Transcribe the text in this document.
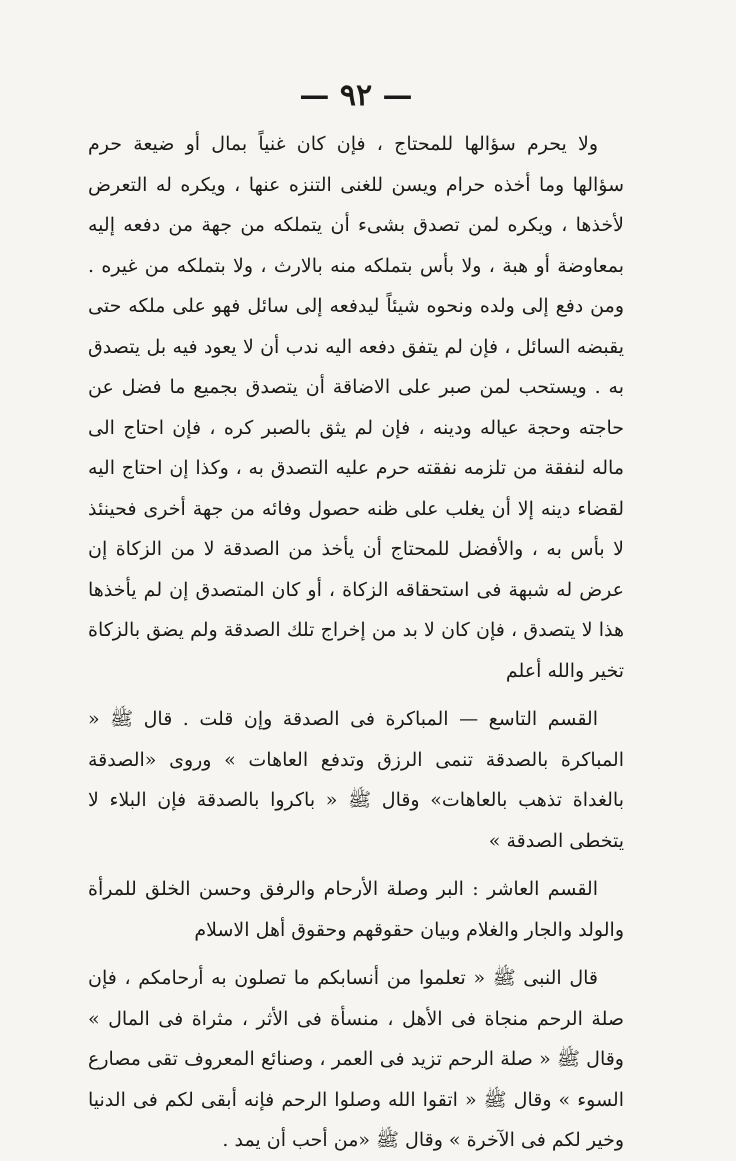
— ٩٢ —

ولا يحرم سؤالها للمحتاج ، فإن كان غنياً بمال أو ضيعة حرم سؤالها وما أخذه حرام ويسن للغنى التنزه عنها ، ويكره له التعرض لأخذها ، ويكره لمن تصدق بشىء أن يتملكه من جهة من دفعه إليه بمعاوضة أو هبة ، ولا بأس بتملكه منه بالارث ، ولا بتملكه من غيره . ومن دفع إلى ولده ونحوه شيئاً ليدفعه إلى سائل فهو على ملكه حتى يقبضه السائل ، فإن لم يتفق دفعه اليه ندب أن لا يعود فيه بل يتصدق به . ويستحب لمن صبر على الاضاقة أن يتصدق بجميع ما فضل عن حاجته وحجة عياله ودينه ، فإن لم يثق بالصبر كره ، فإن احتاج الى ماله لنفقة من تلزمه نفقته حرم عليه التصدق به ، وكذا إن احتاج اليه لقضاء دينه إلا أن يغلب على ظنه حصول وفائه من جهة أخرى فحينئذ لا بأس به ، والأفضل للمحتاج أن يأخذ من الصدقة لا من الزكاة إن عرض له شبهة فى استحقاقه الزكاة ، أو كان المتصدق إن لم يأخذها هذا لا يتصدق ، فإن كان لا بد من إخراج تلك الصدقة ولم يضق بالزكاة تخير والله أعلم

القسم التاسع — المباكرة فى الصدقة وإن قلت . قال ﷺ « المباكرة بالصدقة تنمى الرزق وتدفع العاهات » وروى «الصدقة بالغداة تذهب بالعاهات» وقال ﷺ « باكروا بالصدقة فإن البلاء لا يتخطى الصدقة »

القسم العاشر : البر وصلة الأرحام والرفق وحسن الخلق للمرأة والولد والجار والغلام وبيان حقوقهم وحقوق أهل الاسلام

قال النبى ﷺ « تعلموا من أنسابكم ما تصلون به أرحامكم ، فإن صلة الرحم منجاة فى الأهل ، منسأة فى الأثر ، مثراة فى المال » وقال ﷺ « صلة الرحم تزيد فى العمر ، وصنائع المعروف تقى مصارع السوء » وقال ﷺ « اتقوا الله وصلوا الرحم فإنه أبقى لكم فى الدنيا وخير لكم فى الآخرة » وقال ﷺ «من أحب أن يمد .
